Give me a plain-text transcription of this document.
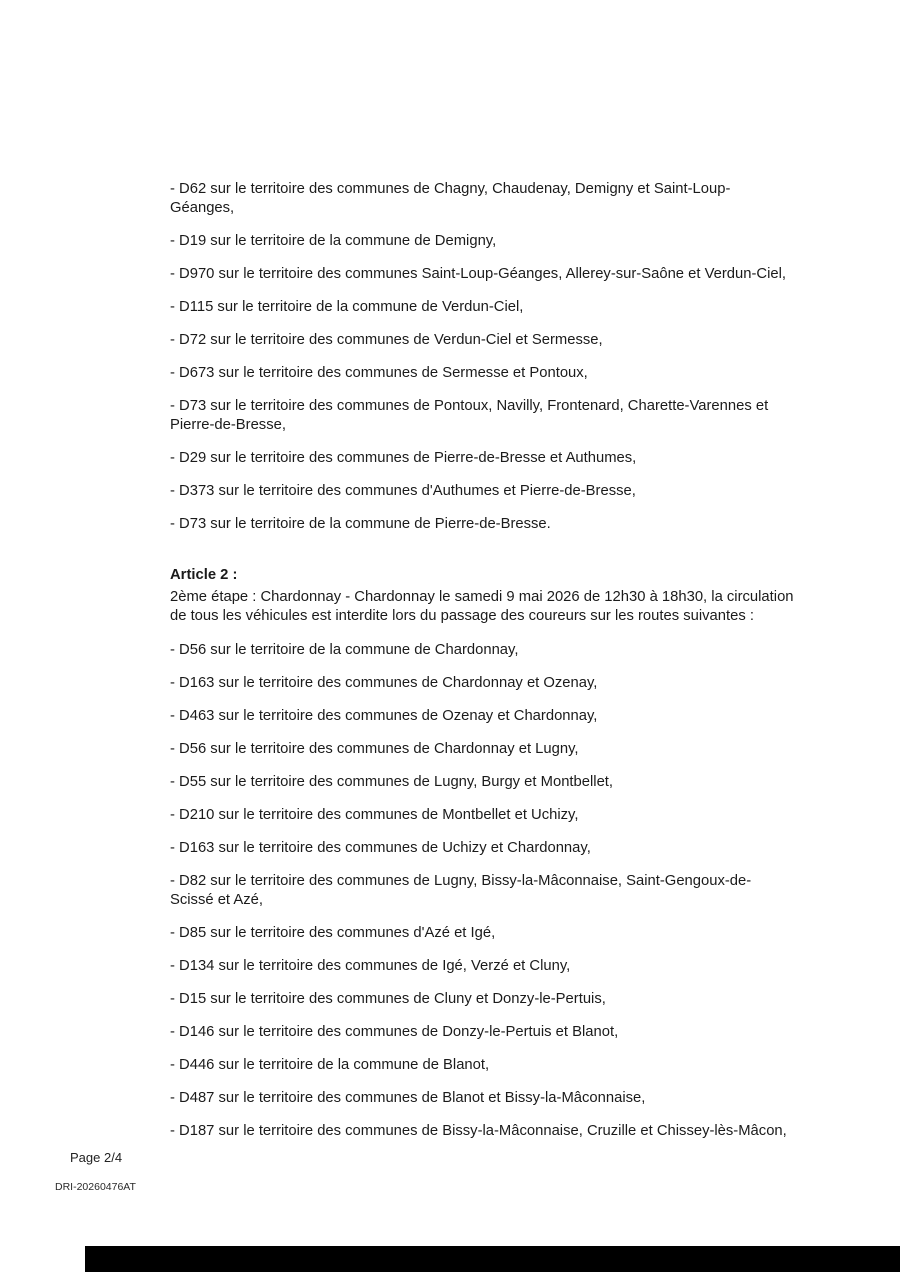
- D62 sur le territoire des communes de Chagny, Chaudenay, Demigny et Saint-Loup-Géanges,

- D19 sur le territoire de la commune de Demigny,

- D970 sur le territoire des communes Saint-Loup-Géanges, Allerey-sur-Saône et Verdun-Ciel,

- D115 sur le territoire de la commune de Verdun-Ciel,

- D72 sur le territoire des communes de Verdun-Ciel et Sermesse,

- D673 sur le territoire des communes de Sermesse et Pontoux,

- D73 sur le territoire des communes de Pontoux, Navilly, Frontenard, Charette-Varennes et Pierre-de-Bresse,

- D29 sur le territoire des communes de Pierre-de-Bresse et Authumes,

- D373 sur le territoire des communes d'Authumes et Pierre-de-Bresse,

- D73 sur le territoire de la commune de Pierre-de-Bresse.

Article 2 :

2ème étape : Chardonnay - Chardonnay le samedi 9 mai 2026 de 12h30 à 18h30, la circulation de tous les véhicules est interdite lors du passage des coureurs sur les routes suivantes :

- D56 sur le territoire de la commune de Chardonnay,

- D163 sur le territoire des communes de Chardonnay et Ozenay,

- D463 sur le territoire des communes de Ozenay et Chardonnay,

- D56 sur le territoire des communes de Chardonnay et Lugny,

- D55 sur le territoire des communes de Lugny, Burgy et Montbellet,

- D210 sur le territoire des communes de Montbellet et Uchizy,

- D163 sur le territoire des communes de Uchizy et Chardonnay,

- D82 sur le territoire des communes de Lugny, Bissy-la-Mâconnaise, Saint-Gengoux-de-Scissé et Azé,

- D85 sur le territoire des communes d'Azé et Igé,

- D134 sur le territoire des communes de Igé, Verzé et Cluny,

- D15 sur le territoire des communes de Cluny et Donzy-le-Pertuis,

- D146 sur le territoire des communes de Donzy-le-Pertuis et Blanot,

- D446 sur le territoire de la commune de Blanot,

- D487 sur le territoire des communes de Blanot et Bissy-la-Mâconnaise,

- D187 sur le territoire des communes de Bissy-la-Mâconnaise, Cruzille et Chissey-lès-Mâcon,

Page 2/4
DRI-20260476AT
